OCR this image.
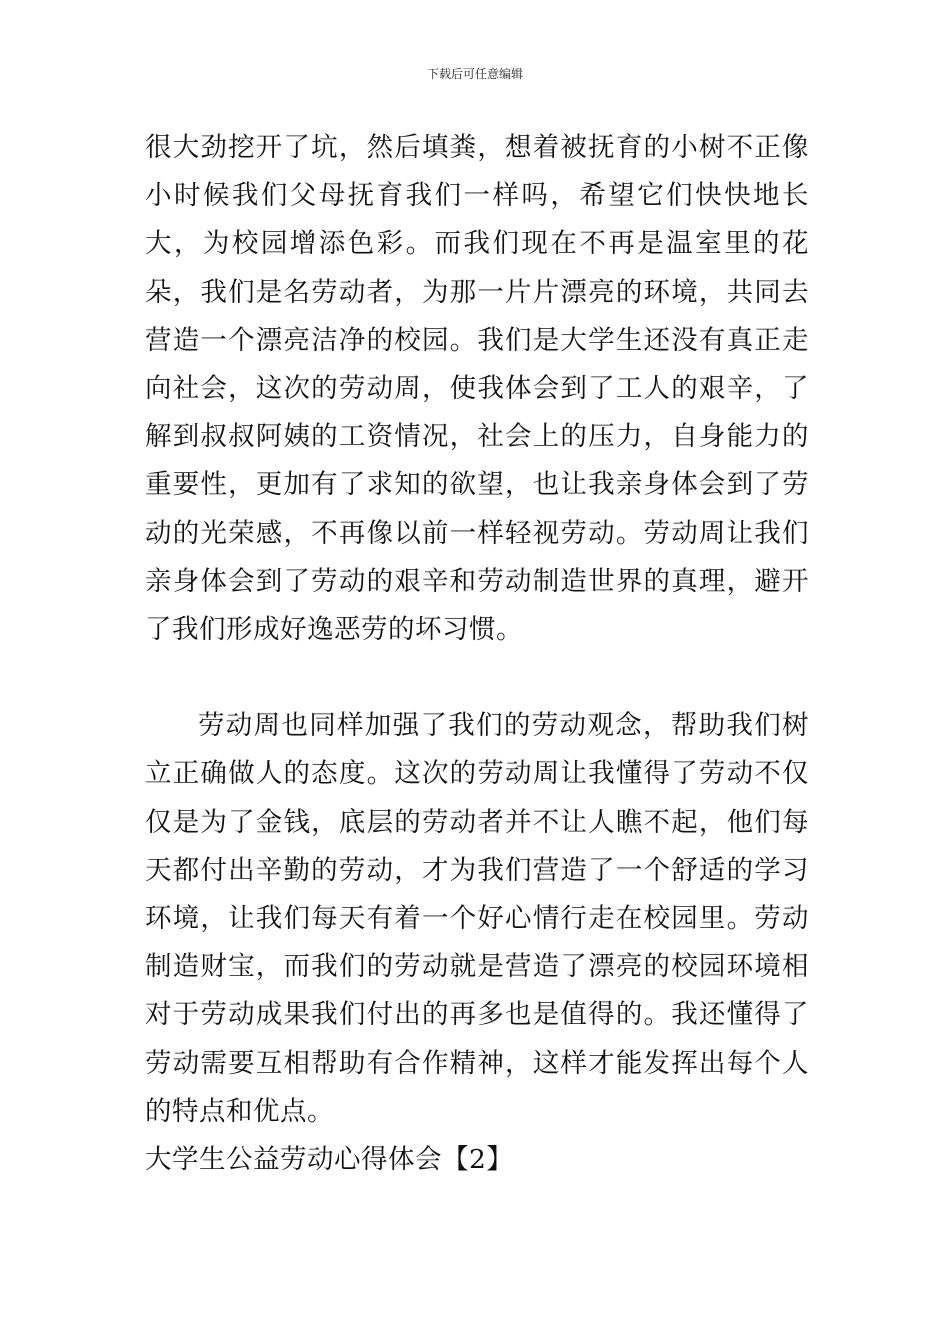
下载后可任意编辑

很大劲挖开了坑，然后填粪，想着被抚育的小树不正像小时候我们父母抚育我们一样吗，希望它们快快地长大，为校园增添色彩。而我们现在不再是温室里的花朵，我们是名劳动者，为那一片片漂亮的环境，共同去营造一个漂亮洁净的校园。我们是大学生还没有真正走向社会，这次的劳动周，使我体会到了工人的艰辛，了解到叔叔阿姨的工资情况，社会上的压力，自身能力的重要性，更加有了求知的欲望，也让我亲身体会到了劳动的光荣感，不再像以前一样轻视劳动。劳动周让我们亲身体会到了劳动的艰辛和劳动制造世界的真理，避开了我们形成好逸恶劳的坏习惯。

劳动周也同样加强了我们的劳动观念，帮助我们树立正确做人的态度。这次的劳动周让我懂得了劳动不仅仅是为了金钱，底层的劳动者并不让人瞧不起，他们每天都付出辛勤的劳动，才为我们营造了一个舒适的学习环境，让我们每天有着一个好心情行走在校园里。劳动制造财宝，而我们的劳动就是营造了漂亮的校园环境相对于劳动成果我们付出的再多也是值得的。我还懂得了劳动需要互相帮助有合作精神，这样才能发挥出每个人的特点和优点。

大学生公益劳动心得体会【2】
